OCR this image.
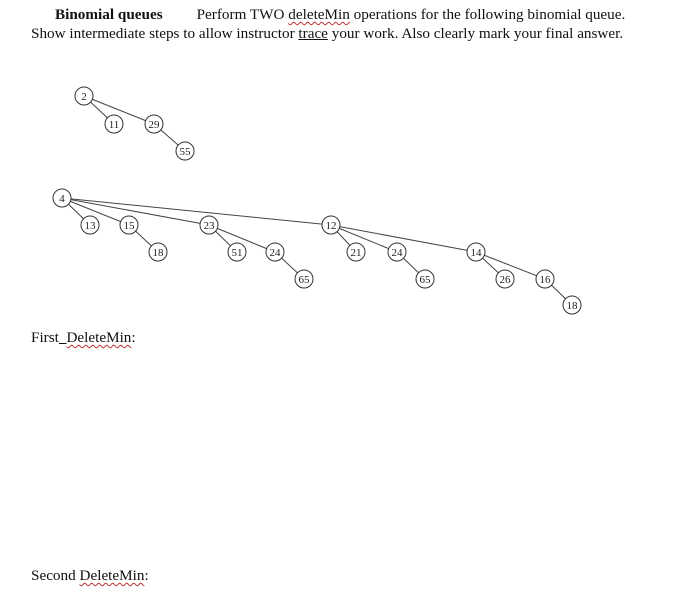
Binomial queues Perform TWO deleteMin operations for the following binomial queue. Show intermediate steps to allow instructor trace your work. Also clearly mark your final answer.
2
11	29
55
4
13	15
18
23
51 24
65
12
21	24
65
14
26	16
18
First DeleteMin:
Second DeleteMin:
